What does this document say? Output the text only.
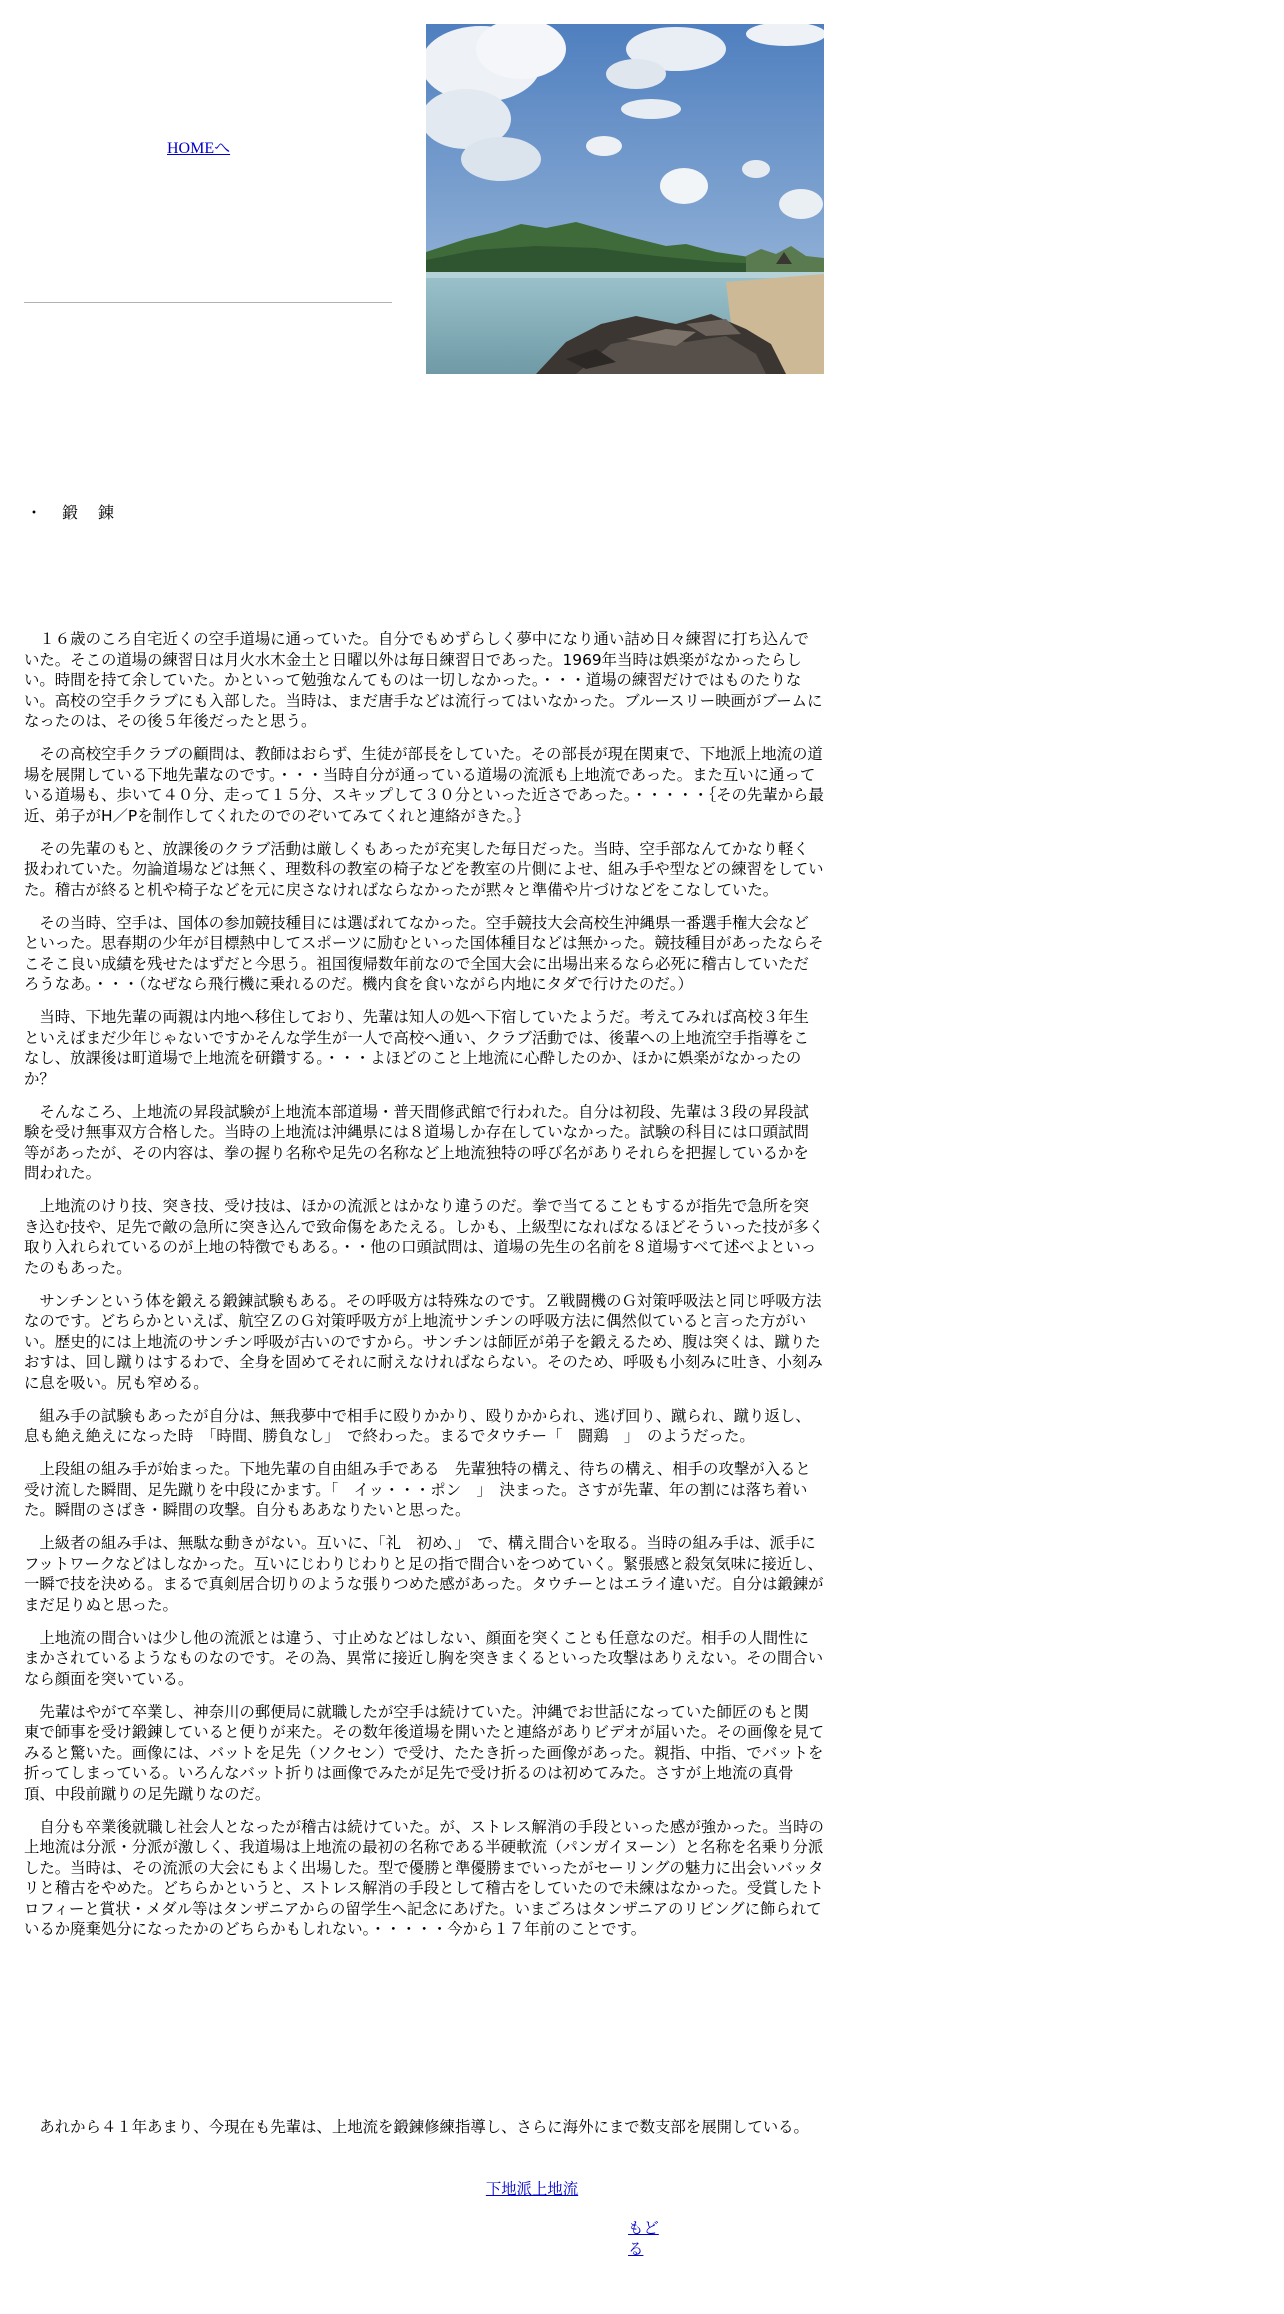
HOMEへ
・　鍛　錬

１６歳のころ自宅近くの空手道場に通っていた。自分でもめずらしく夢中になり通い詰め日々練習に打ち込んでいた。そこの道場の練習日は月火水木金土と日曜以外は毎日練習日であった。1969年当時は娯楽がなかったらしい。時間を持て余していた。かといって勉強なんてものは一切しなかった。・・・道場の練習だけではものたりない。高校の空手クラブにも入部した。当時は、まだ唐手などは流行ってはいなかった。ブルースリー映画がブームになったのは、その後５年後だったと思う。

その高校空手クラブの顧問は、教師はおらず、生徒が部長をしていた。その部長が現在関東で、下地派上地流の道場を展開している下地先輩なのです。・・・当時自分が通っている道場の流派も上地流であった。また互いに通っている道場も、歩いて４０分、走って１５分、スキップして３０分といった近さであった。・・・・・｛その先輩から最近、弟子がH／Pを制作してくれたのでのぞいてみてくれと連絡がきた。｝

その先輩のもと、放課後のクラブ活動は厳しくもあったが充実した毎日だった。当時、空手部なんてかなり軽く扱われていた。勿論道場などは無く、理数科の教室の椅子などを教室の片側によせ、組み手や型などの練習をしていた。稽古が終ると机や椅子などを元に戻さなければならなかったが黙々と準備や片づけなどをこなしていた。

その当時、空手は、国体の参加競技種目には選ばれてなかった。空手競技大会高校生沖縄県一番選手権大会などといった。思春期の少年が目標熱中してスポーツに励むといった国体種目などは無かった。競技種目があったならそこそこ良い成績を残せたはずだと今思う。祖国復帰数年前なので全国大会に出場出来るなら必死に稽古していただろうなあ。・・・（なぜなら飛行機に乗れるのだ。機内食を食いながら内地にタダで行けたのだ。）

当時、下地先輩の両親は内地へ移住しており、先輩は知人の処へ下宿していたようだ。考えてみれば高校３年生といえばまだ少年じゃないですかそんな学生が一人で高校へ通い、クラブ活動では、後輩への上地流空手指導をこなし、放課後は町道場で上地流を研鑽する。・・・よほどのこと上地流に心酔したのか、ほかに娯楽がなかったのか？

そんなころ、上地流の昇段試験が上地流本部道場・普天間修武館で行われた。自分は初段、先輩は３段の昇段試験を受け無事双方合格した。当時の上地流は沖縄県には８道場しか存在していなかった。試験の科目には口頭試問等があったが、その内容は、拳の握り名称や足先の名称など上地流独特の呼び名がありそれらを把握しているかを問われた。

上地流のけり技、突き技、受け技は、ほかの流派とはかなり違うのだ。拳で当てることもするが指先で急所を突き込む技や、足先で敵の急所に突き込んで致命傷をあたえる。しかも、上級型になればなるほどそういった技が多く取り入れられているのが上地の特徴でもある。・・他の口頭試問は、道場の先生の名前を８道場すべて述べよといったのもあった。

サンチンという体を鍛える鍛錬試験もある。その呼吸方は特殊なのです。Ｚ戦闘機のＧ対策呼吸法と同じ呼吸方法なのです。どちらかといえば、航空ＺのＧ対策呼吸方が上地流サンチンの呼吸方法に偶然似ていると言った方がいい。歴史的には上地流のサンチン呼吸が古いのですから。サンチンは師匠が弟子を鍛えるため、腹は突くは、蹴りたおすは、回し蹴りはするわで、全身を固めてそれに耐えなければならない。そのため、呼吸も小刻みに吐き、小刻みに息を吸い。尻も窄める。

組み手の試験もあったが自分は、無我夢中で相手に殴りかかり、殴りかかられ、逃げ回り、蹴られ、蹴り返し、息も絶え絶えになった時　「時間、勝負なし」　で終わった。まるでタウチー「　闘鶏　」　のようだった。

上段組の組み手が始まった。下地先輩の自由組み手である　先輩独特の構え、待ちの構え、相手の攻撃が入ると受け流した瞬間、足先蹴りを中段にかます。「　イッ・・・ポン　」　決まった。さすが先輩、年の割には落ち着いた。瞬間のさばき・瞬間の攻撃。自分もああなりたいと思った。

上級者の組み手は、無駄な動きがない。互いに、「礼　初め、」　で、構え間合いを取る。当時の組み手は、派手にフットワークなどはしなかった。互いにじわりじわりと足の指で間合いをつめていく。緊張感と殺気気味に接近し、一瞬で技を決める。まるで真剣居合切りのような張りつめた感があった。タウチーとはエライ違いだ。自分は鍛錬がまだ足りぬと思った。

上地流の間合いは少し他の流派とは違う、寸止めなどはしない、顔面を突くことも任意なのだ。相手の人間性にまかされているようなものなのです。その為、異常に接近し胸を突きまくるといった攻撃はありえない。その間合いなら顔面を突いている。

先輩はやがて卒業し、神奈川の郵便局に就職したが空手は続けていた。沖縄でお世話になっていた師匠のもと関東で師事を受け鍛錬していると便りが来た。その数年後道場を開いたと連絡がありビデオが届いた。その画像を見てみると驚いた。画像には、バットを足先（ソクセン）で受け、たたき折った画像があった。親指、中指、でバットを折ってしまっている。いろんなバット折りは画像でみたが足先で受け折るのは初めてみた。さすが上地流の真骨頂、中段前蹴りの足先蹴りなのだ。

自分も卒業後就職し社会人となったが稽古は続けていた。が、ストレス解消の手段といった感が強かった。当時の上地流は分派・分派が激しく、我道場は上地流の最初の名称である半硬軟流（パンガイヌーン）と名称を名乗り分派した。当時は、その流派の大会にもよく出場した。型で優勝と準優勝までいったがセーリングの魅力に出会いバッタリと稽古をやめた。どちらかというと、ストレス解消の手段として稽古をしていたので未練はなかった。受賞したトロフィーと賞状・メダル等はタンザニアからの留学生へ記念にあげた。いまごろはタンザニアのリビングに飾られているか廃棄処分になったかのどちらかもしれない。・・・・・今から１７年前のことです。

あれから４１年あまり、今現在も先輩は、上地流を鍛錬修練指導し、さらに海外にまで数支部を展開している。

下地派上地流
もどる
